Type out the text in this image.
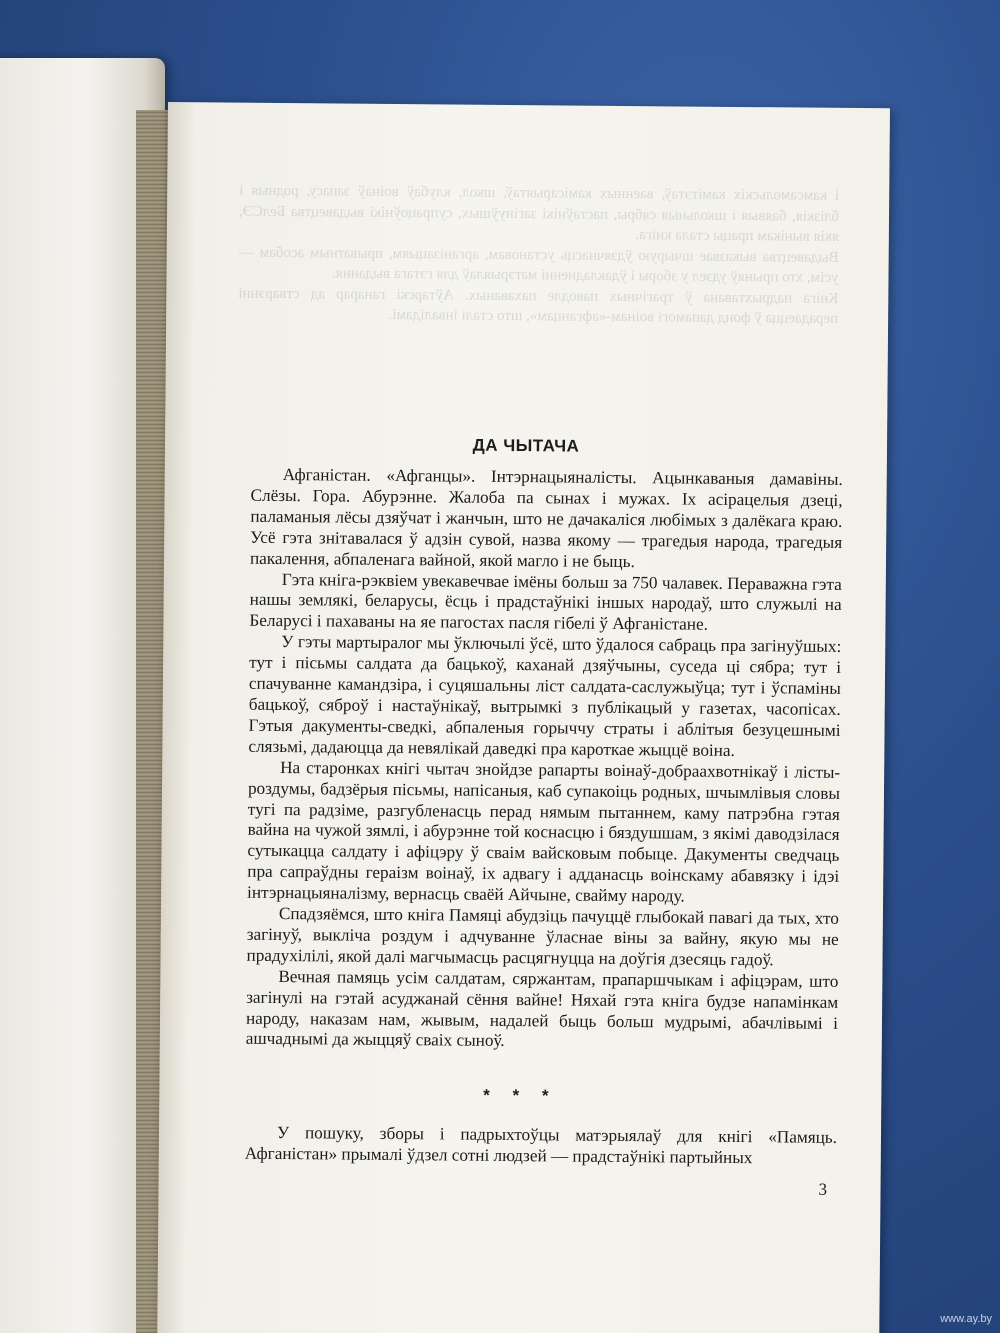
і камсамольскіх камітэтаў, ваенных камісарыятаў, школ, клубаў воінаў запасу, родныя і блізкія, баявыя і школьныя сябры, пастаўнікі загінуўшых, супрацоўнікі выдавецтва БелСЭ, якія вынікам працы стала кніга.

Выдавецтва выказвае шчырую ўдзячнасць установам, арганізацыям, прыватным асобам — усім, хто прыняў удзел у зборы і ўдакладненні матэрыялаў для гэтага выдання.

Кніга падрыхтавана ў трагічных паводле пахаваных. Аўтарскі ганарар ад стварэнні перадаецца ў фонд дапамогі воінам-«афганцам», што сталі інвалідамі.

ДА ЧЫТАЧА

Афганістан. «Афганцы». Інтэрнацыяналісты. Ацынкаваныя дамавіны. Слёзы. Гора. Абурэнне. Жалоба па сынах і мужах. Іх асірацелыя дзеці, паламаныя лёсы дзяўчат і жанчын, што не дачакаліся любімых з далёкага краю. Усё гэта знітавалася ў адзін сувой, назва якому — трагедыя народа, трагедыя пакалення, абпаленага вайной, якой магло і не быць.

Гэта кніга-рэквіем увекавечвае імёны больш за 750 чалавек. Пераважна гэта нашы землякі, беларусы, ёсць і прадстаўнікі іншых народаў, што служылі на Беларусі і пахаваны на яе пагостах пасля гібелі ў Афганістане.

У гэты мартыралог мы ўключылі ўсё, што ўдалося сабраць пра загінуўшых: тут і пісьмы салдата да бацькоў, каханай дзяўчыны, суседа ці сябра; тут і спачуванне камандзіра, і суцяшальны ліст салдата-саслужыўца; тут і ўспаміны бацькоў, сяброў і настаўнікаў, вытрымкі з публікацый у газетах, часопісах. Гэтыя дакументы-сведкі, абпаленыя горыччу страты і аблітыя безуцешнымі слязьмі, дадаюцца да невялікай даведкі пра кароткае жыццё воіна.

На старонках кнігі чытач знойдзе рапарты воінаў-добраахвотнікаў і лісты-роздумы, бадзёрыя пісьмы, напісаныя, каб супакоіць родных, шчымлівыя словы тугі па радзіме, разгубленасць перад нямым пытаннем, каму патрэбна гэтая вайна на чужой зямлі, і абурэнне той коснасцю і бяздушшам, з якімі даводзілася сутыкацца салдату і афіцэру ў сваім вайсковым побыце. Дакументы сведчаць пра сапраўдны гераізм воінаў, іх адвагу і адданасць воінскаму абавязку і ідэі інтэрнацыяналізму, вернасць сваёй Айчыне, свайму народу.

Спадзяёмся, што кніга Памяці абудзіць пачуццё глыбокай павагі да тых, хто загінуў, выкліча роздум і адчуванне ўласнае віны за вайну, якую мы не прадухілілі, якой далі магчымасць расцягнуцца на доўгія дзесяць гадоў.

Вечная памяць усім салдатам, сяржантам, прапаршчыкам і афіцэрам, што загінулі на гэтай асуджанай сёння вайне! Няхай гэта кніга будзе напамінкам народу, наказам нам, жывым, надалей быць больш мудрымі, абачлівымі і ашчаднымі да жыццяў сваіх сыноў.

* * *

У пошуку, зборы і падрыхтоўцы матэрыялаў для кнігі «Памяць. Афганістан» прымалі ўдзел сотні людзей — прадстаўнікі партыйных

3
www.ay.by
